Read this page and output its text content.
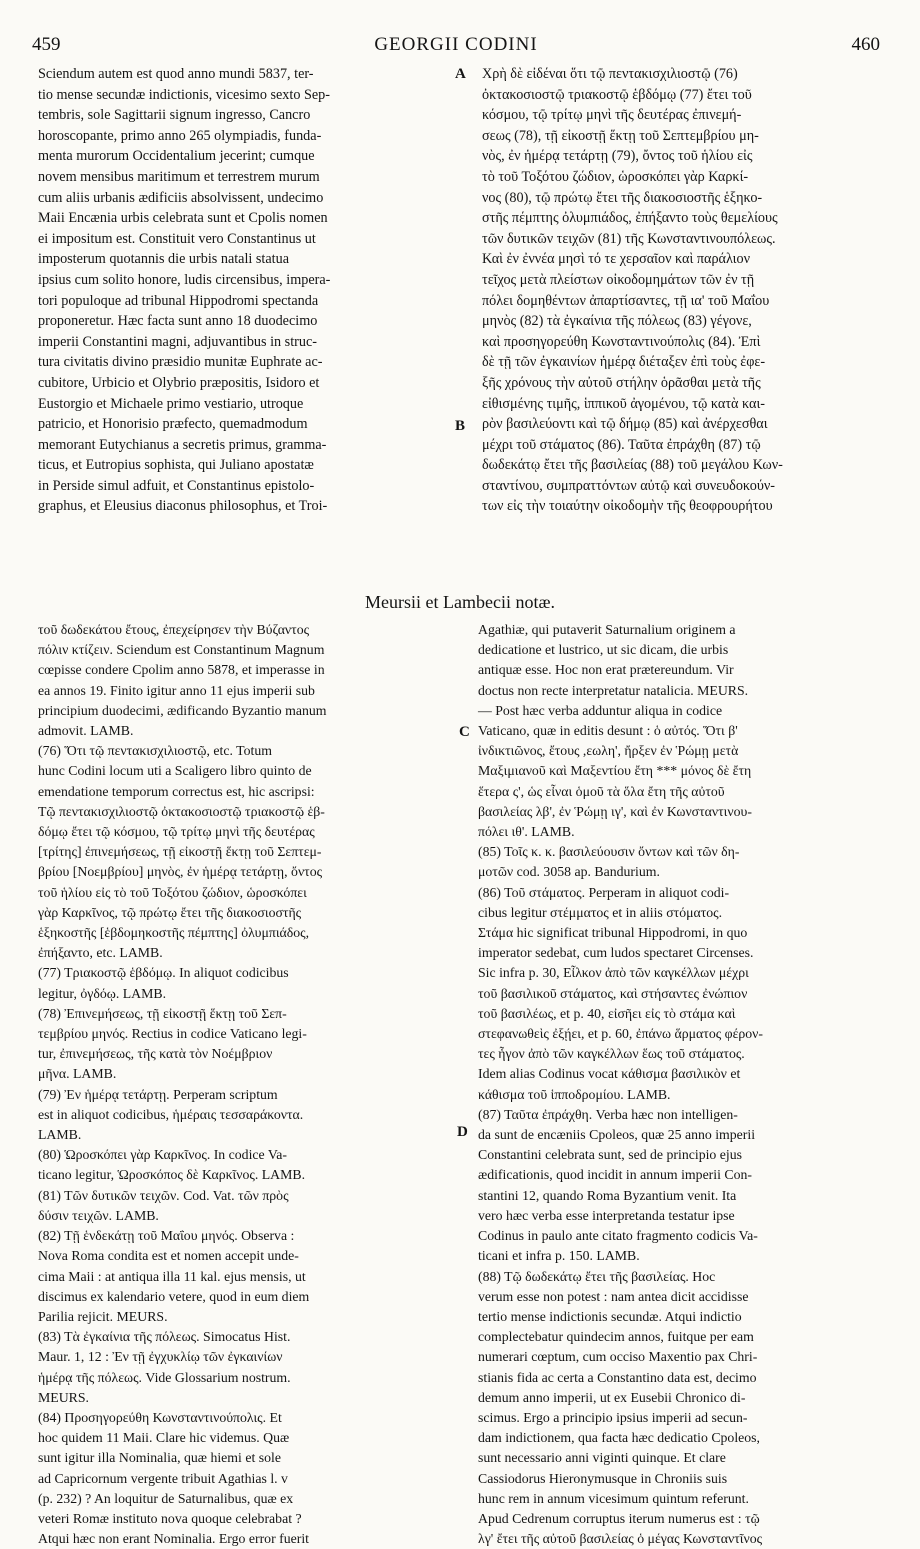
459	GEORGII CODINI	460
A
B
C
D
Sciendum autem est quod anno mundi 5837, ter-
tio mense secundæ indictionis, vicesimo sexto Sep-
tembris, sole Sagittarii signum ingresso, Cancro
horoscopante, primo anno 265 olympiadis, funda-
menta murorum Occidentalium jecerint; cumque
novem mensibus maritimum et terrestrem murum
cum aliis urbanis ædificiis absolvissent, undecimo
Maii Encænia urbis celebrata sunt et Cpolis nomen
ei impositum est. Constituit vero Constantinus ut
imposterum quotannis die urbis natali statua
ipsius cum solito honore, ludis circensibus, impera-
tori populoque ad tribunal Hippodromi spectanda
proponeretur. Hæc facta sunt anno 18 duodecimo
imperii Constantini magni, adjuvantibus in struc-
tura civitatis divino præsidio munitæ Euphrate ac-
cubitore, Urbicio et Olybrio præpositis, Isidoro et
Eustorgio et Michaele primo vestiario, utroque
patricio, et Honorisio præfecto, quemadmodum
memorant Eutychianus a secretis primus, gramma-
ticus, et Eutropius sophista, qui Juliano apostatæ
in Perside simul adfuit, et Constantinus epistolo-
graphus, et Eleusius diaconus philosophus, et Troi-
Χρὴ δὲ εἰδέναι ὅτι τῷ πεντακισχιλιοστῷ (76)
ὀκτακοσιοστῷ τριακοστῷ ἑβδόμῳ (77) ἔτει τοῦ
κόσμου, τῷ τρίτῳ μηνὶ τῆς δευτέρας ἐπινεμή-
σεως (78), τῇ εἰκοστῇ ἕκτῃ τοῦ Σεπτεμβρίου μη-
νὸς, ἐν ἡμέρᾳ τετάρτῃ (79), ὄντος τοῦ ἡλίου εἰς
τὸ τοῦ Τοξότου ζώδιον, ὡροσκόπει γὰρ Καρκί-
νος (80), τῷ πρώτῳ ἔτει τῆς διακοσιοστῆς ἑξηκο-
στῆς πέμπτης ὀλυμπιάδος, ἐπήξαντο τοὺς θεμελίους
τῶν δυτικῶν τειχῶν (81) τῆς Κωνσταντινουπόλεως.
Καὶ ἐν ἐννέα μησὶ τό τε χερσαῖον καὶ παράλιον
τεῖχος μετὰ πλείστων οἰκοδομημάτων τῶν ἐν τῇ
πόλει δομηθέντων ἀπαρτίσαντες, τῇ ια' τοῦ Μαΐου
μηνὸς (82) τὰ ἐγκαίνια τῆς πόλεως (83) γέγονε,
καὶ προσηγορεύθη Κωνσταντινούπολις (84). Ἐπὶ
δὲ τῇ τῶν ἐγκαινίων ἡμέρᾳ διέταξεν ἐπὶ τοὺς ἐφε-
ξῆς χρόνους τὴν αὐτοῦ στήλην ὁρᾶσθαι μετὰ τῆς
εἰθισμένης τιμῆς, ἱππικοῦ ἀγομένου, τῷ κατὰ και-
ρὸν βασιλεύοντι καὶ τῷ δήμῳ (85) καὶ ἀνέρχεσθαι
μέχρι τοῦ στάματος (86). Ταῦτα ἐπράχθη (87) τῷ
δωδεκάτῳ ἔτει τῆς βασιλείας (88) τοῦ μεγάλου Κων-
σταντίνου, συμπραττόντων αὐτῷ καὶ συνευδοκούν-
των εἰς τὴν τοιαύτην οἰκοδομὴν τῆς θεοφρουρήτου
Meursii et Lambecii notæ.
τοῦ δωδεκάτου ἔτους, ἐπεχείρησεν τὴν Βύζαντος
πόλιν κτίζειν. Sciendum est Constantinum Magnum
cœpisse condere Cpolim anno 5878, et imperasse in
ea annos 19. Finito igitur anno 11 ejus imperii sub
principium duodecimi, ædificando Byzantio manum
admovit. LAMB.
(76) Ὅτι τῷ πεντακισχιλιοστῷ, etc. Totum
hunc Codini locum uti a Scaligero libro quinto de
emendatione temporum correctus est, hic ascripsi:
Τῷ πεντακισχιλιοστῷ ὀκτακοσιοστῷ τριακοστῷ ἑβ-
δόμῳ ἔτει τῷ κόσμου, τῷ τρίτῳ μηνὶ τῆς δευτέρας
[τρίτης] ἐπινεμήσεως, τῇ εἰκοστῇ ἕκτῃ τοῦ Σεπτεμ-
βρίου [Νοεμβρίου] μηνὸς, ἐν ἡμέρᾳ τετάρτῃ, ὄντος
τοῦ ἡλίου εἰς τὸ τοῦ Τοξότου ζώδιον, ὡροσκόπει
γὰρ Καρκῖνος, τῷ πρώτῳ ἔτει τῆς διακοσιοστῆς
ἑξηκοστῆς [ἑβδομηκοστῆς πέμπτης] ὀλυμπιάδος,
ἐπήξαντο, etc. LAMB.
(77) Τριακοστῷ ἑβδόμῳ. In aliquot codicibus
legitur, ὀγδόῳ. LAMB.
(78) Ἐπινεμήσεως, τῇ εἰκοστῇ ἕκτῃ τοῦ Σεπ-
τεμβρίου μηνός. Rectius in codice Vaticano legi-
tur, ἐπινεμήσεως, τῆς κατὰ τὸν Νοέμβριον
μῆνα. LAMB.
(79) Ἐν ἡμέρᾳ τετάρτῃ. Perperam scriptum
est in aliquot codicibus, ἡμέραις τεσσαράκοντα.
LAMB.
(80) Ὡροσκόπει γὰρ Καρκῖνος. In codice Va-
ticano legitur, Ὡροσκόπος δὲ Καρκῖνος. LAMB.
(81) Τῶν δυτικῶν τειχῶν. Cod. Vat. τῶν πρὸς
δύσιν τειχῶν. LAMB.
(82) Τῇ ἑνδεκάτῃ τοῦ Μαΐου μηνός. Observa :
Nova Roma condita est et nomen accepit unde-
cima Maii : at antiqua illa 11 kal. ejus mensis, ut
discimus ex kalendario vetere, quod in eum diem
Parilia rejicit. MEURS.
(83) Τὰ ἐγκαίνια τῆς πόλεως. Simocatus Hist.
Maur. 1, 12 : Ἐν τῇ ἐγχυκλίῳ τῶν ἐγκαινίων
ἡμέρᾳ τῆς πόλεως. Vide Glossarium nostrum.
MEURS.
(84) Προσηγορεύθη Κωνσταντινούπολις. Et
hoc quidem 11 Maii. Clare hic videmus. Quæ
sunt igitur illa Nominalia, quæ hiemi et sole
ad Capricornum vergente tribuit Agathias l. v
(p. 232) ? An loquitur de Saturnalibus, quæ ex
veteri Romæ instituto nova quoque celebrabat ?
Atqui hæc non erant Nominalia. Ergo error fuerit
Agathiæ, qui putaverit Saturnalium originem a
dedicatione et lustrico, ut sic dicam, die urbis
antiquæ esse. Hoc non erat prætereundum. Vir
doctus non recte interpretatur natalicia. MEURS.
— Post hæc verba adduntur aliqua in codice
Vaticano, quæ in editis desunt : ὁ αὐτός. Ὅτι β'
ἰνδικτιῶνος, ἔτους ,εωλη', ἤρξεν ἐν Ῥώμῃ μετὰ
Μαξιμιανοῦ καὶ Μαξεντίου ἔτη *** μόνος δὲ ἔτη
ἕτερα ς', ὡς εἶναι ὁμοῦ τὰ ὅλα ἔτη τῆς αὐτοῦ
βασιλείας λβ', ἐν Ῥώμῃ ιγ', καὶ ἐν Κωνσταντινου-
πόλει ιθ'. LAMB.
(85) Τοῖς κ. κ. βασιλεύουσιν ὄντων καὶ τῶν δη-
μοτῶν cod. 3058 ap. Bandurium.
(86) Τοῦ στάματος. Perperam in aliquot codi-
cibus legitur στέμματος et in aliis στόματος.
Στάμα hic significat tribunal Hippodromi, in quo
imperator sedebat, cum ludos spectaret Circenses.
Sic infra p. 30, Εἶλκον ἀπὸ τῶν καγκέλλων μέχρι
τοῦ βασιλικοῦ στάματος, καὶ στήσαντες ἐνώπιον
τοῦ βασιλέως, et p. 40, εἰσῆει εἰς τὸ στάμα καὶ
στεφανωθεὶς ἐξῄει, et p. 60, ἐπάνω ἅρματος φέρον-
τες ἦγον ἀπὸ τῶν καγκέλλων ἕως τοῦ στάματος.
Idem alias Codinus vocat κάθισμα βασιλικὸν et
κάθισμα τοῦ ἱπποδρομίου. LAMB.
(87) Ταῦτα ἐπράχθη. Verba hæc non intelligen-
da sunt de encæniis Cpoleos, quæ 25 anno imperii
Constantini celebrata sunt, sed de principio ejus
ædificationis, quod incidit in annum imperii Con-
stantini 12, quando Roma Byzantium venit. Ita
vero hæc verba esse interpretanda testatur ipse
Codinus in paulo ante citato fragmento codicis Va-
ticani et infra p. 150. LAMB.
(88) Τῷ δωδεκάτῳ ἔτει τῆς βασιλείας. Hoc
verum esse non potest : nam antea dicit accidisse
tertio mense indictionis secundæ. Atqui indictio
complectebatur quindecim annos, fuitque per eam
numerari cœptum, cum occiso Maxentio pax Chri-
stianis fida ac certa a Constantino data est, decimo
demum anno imperii, ut ex Eusebii Chronico di-
scimus. Ergo a principio ipsius imperii ad secun-
dam indictionem, qua facta hæc dedicatio Cpoleos,
sunt necessario anni viginti quinque. Et clare
Cassiodorus Hieronymusque in Chroniis suis
hunc rem in annum vicesimum quintum referunt.
Apud Cedrenum corruptus iterum numerus est : τῷ
λγ' ἔτει τῆς αὐτοῦ βασιλείας ὁ μέγας Κωνσταντῖνος
